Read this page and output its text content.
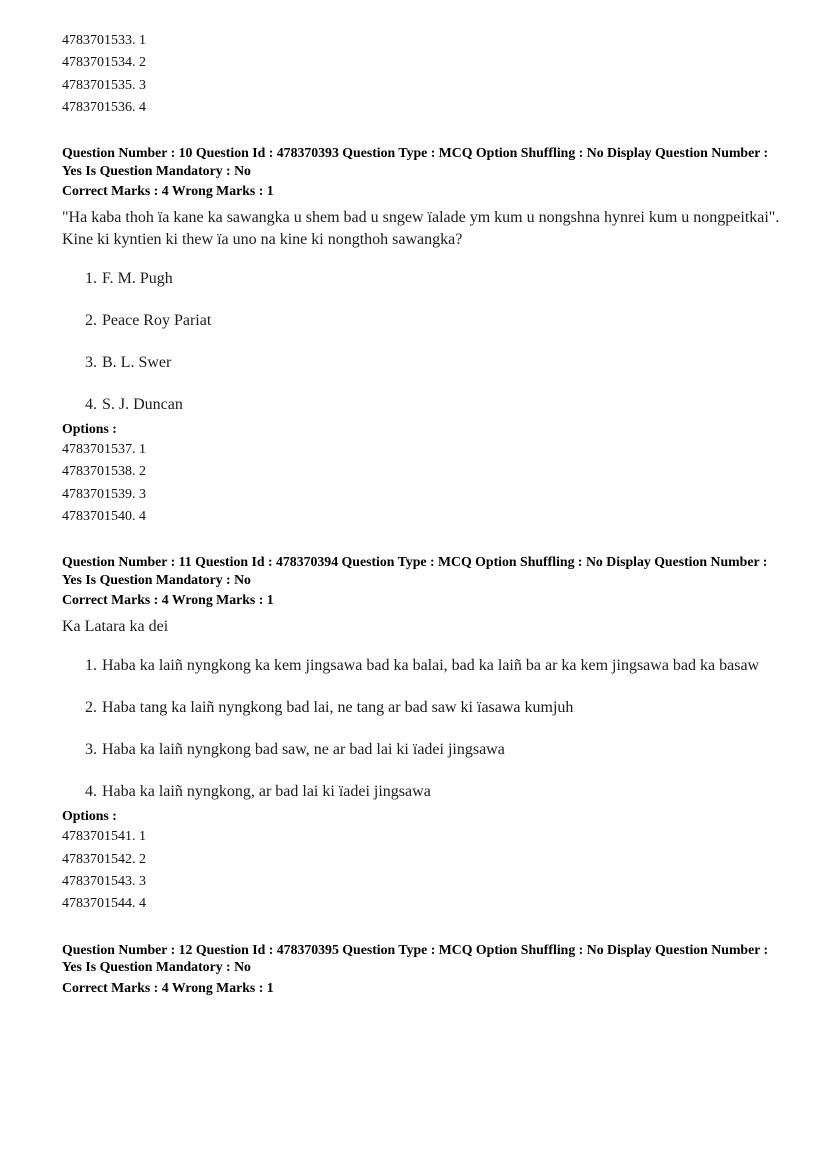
4783701533. 1
4783701534. 2
4783701535. 3
4783701536. 4

Question Number : 10 Question Id : 478370393 Question Type : MCQ Option Shuffling : No Display Question Number : Yes Is Question Mandatory : No

Correct Marks : 4 Wrong Marks : 1

"Ha kaba thoh ïa kane ka sawangka u shem bad u sngew ïalade ym kum u nongshna hynrei kum u nongpeitkai". Kine ki kyntien ki thew ïa uno na kine ki nongthoh sawangka?

1. F. M. Pugh
2. Peace Roy Pariat
3. B. L. Swer
4. S. J. Duncan

Options :

4783701537. 1
4783701538. 2
4783701539. 3
4783701540. 4

Question Number : 11 Question Id : 478370394 Question Type : MCQ Option Shuffling : No Display Question Number : Yes Is Question Mandatory : No

Correct Marks : 4 Wrong Marks : 1

Ka Latara ka dei

1. Haba ka laiñ nyngkong ka kem jingsawa bad ka balai, bad ka laiñ ba ar ka kem jingsawa bad ka basaw
2. Haba tang ka laiñ nyngkong bad lai, ne tang ar bad saw ki ïasawa kumjuh
3. Haba ka laiñ nyngkong bad saw, ne ar bad lai ki ïadei jingsawa
4. Haba ka laiñ nyngkong, ar bad lai ki ïadei jingsawa

Options :

4783701541. 1
4783701542. 2
4783701543. 3
4783701544. 4

Question Number : 12 Question Id : 478370395 Question Type : MCQ Option Shuffling : No Display Question Number : Yes Is Question Mandatory : No

Correct Marks : 4 Wrong Marks : 1
